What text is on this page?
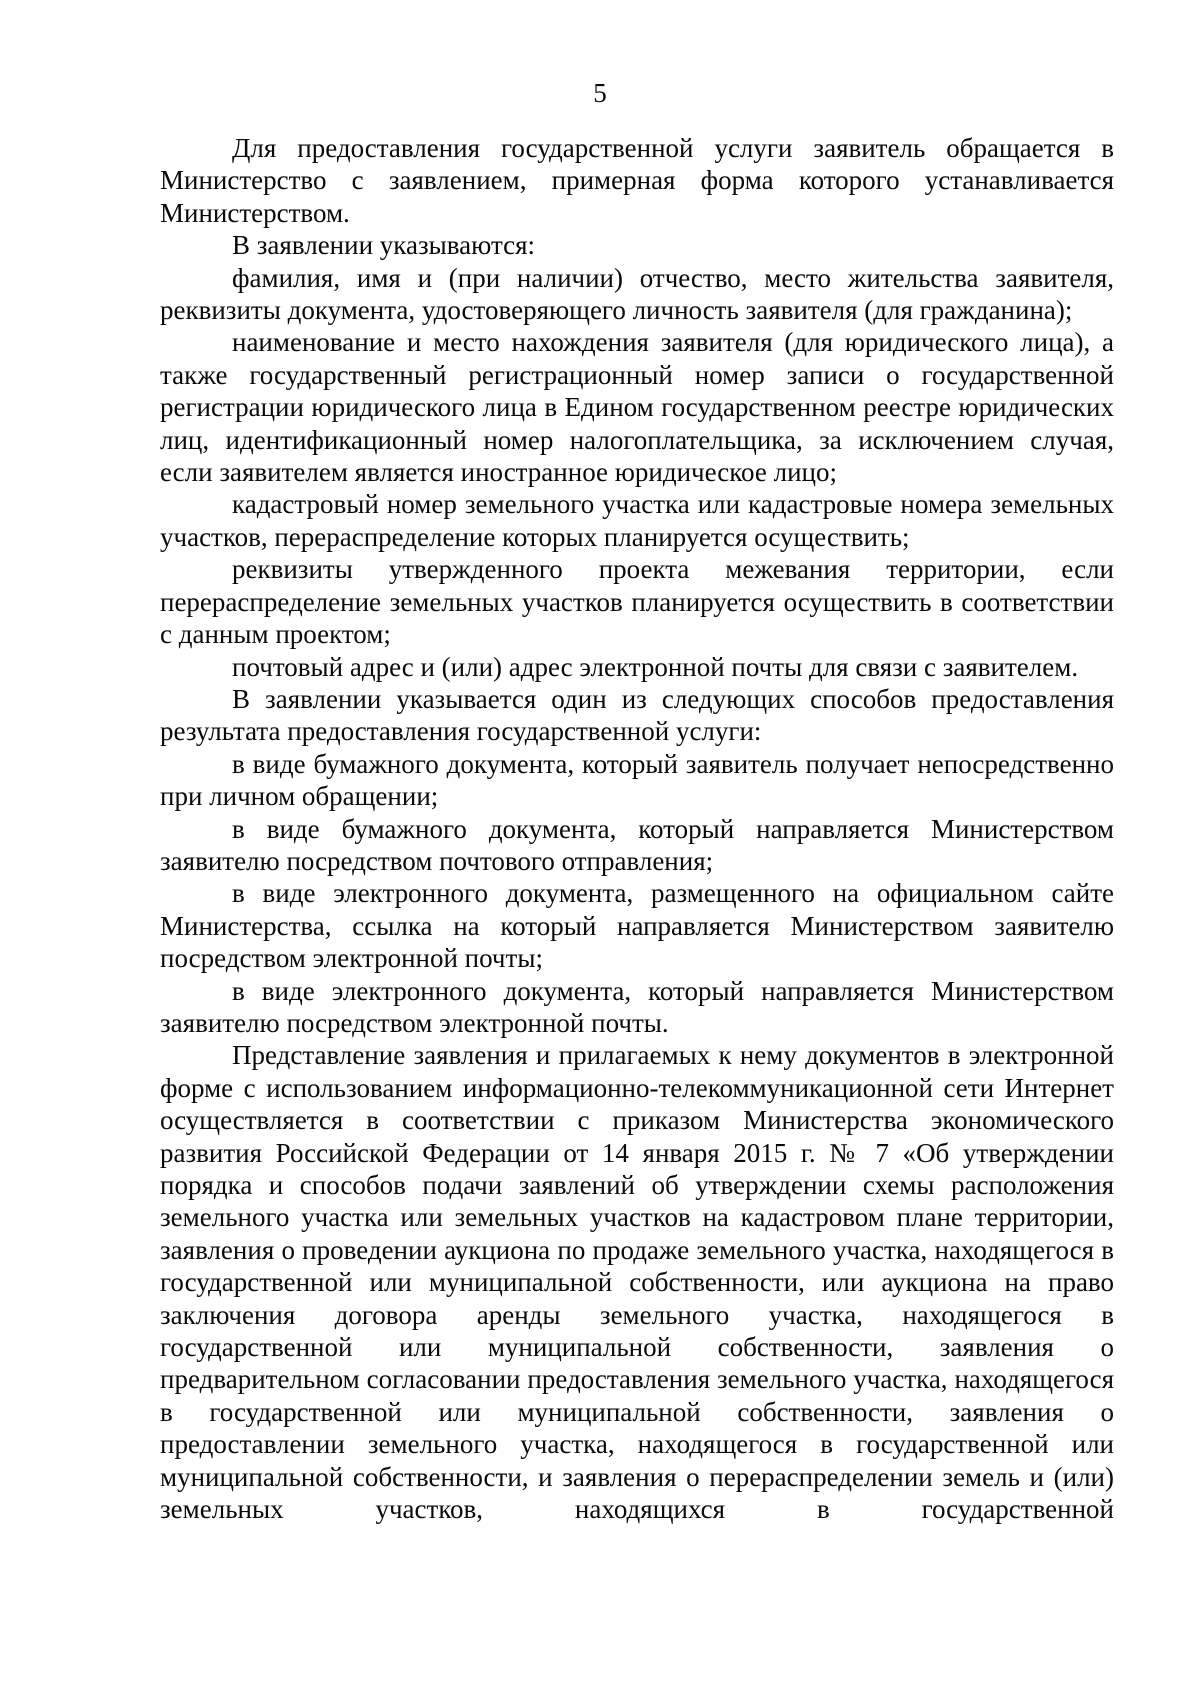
5

Для предоставления государственной услуги заявитель обращается в Министерство с заявлением, примерная форма которого устанавливается Министерством.

В заявлении указываются:

фамилия, имя и (при наличии) отчество, место жительства заявителя, реквизиты документа, удостоверяющего личность заявителя (для гражданина);

наименование и место нахождения заявителя (для юридического лица), а также государственный регистрационный номер записи о государственной регистрации юридического лица в Едином государственном реестре юридических лиц, идентификационный номер налогоплательщика, за исключением случая, если заявителем является иностранное юридическое лицо;

кадастровый номер земельного участка или кадастровые номера земельных участков, перераспределение которых планируется осуществить;

реквизиты утвержденного проекта межевания территории, если перераспределение земельных участков планируется осуществить в соответствии с данным проектом;

почтовый адрес и (или) адрес электронной почты для связи с заявителем.

В заявлении указывается один из следующих способов предоставления результата предоставления государственной услуги:

в виде бумажного документа, который заявитель получает непосредственно при личном обращении;

в виде бумажного документа, который направляется Министерством заявителю посредством почтового отправления;

в виде электронного документа, размещенного на официальном сайте Министерства, ссылка на который направляется Министерством заявителю посредством электронной почты;

в виде электронного документа, который направляется Министерством заявителю посредством электронной почты.

Представление заявления и прилагаемых к нему документов в электронной форме с использованием информационно-телекоммуникационной сети Интернет осуществляется в соответствии с приказом Министерства экономического развития Российской Федерации от 14 января 2015 г. № 7 «Об утверждении порядка и способов подачи заявлений об утверждении схемы расположения земельного участка или земельных участков на кадастровом плане территории, заявления о проведении аукциона по продаже земельного участка, находящегося в государственной или муниципальной собственности, или аукциона на право заключения договора аренды земельного участка, находящегося в государственной или муниципальной собственности, заявления о предварительном согласовании предоставления земельного участка, находящегося в государственной или муниципальной собственности, заявления о предоставлении земельного участка, находящегося в государственной или муниципальной собственности, и заявления о перераспределении земель и (или) земельных участков, находящихся в государственной
